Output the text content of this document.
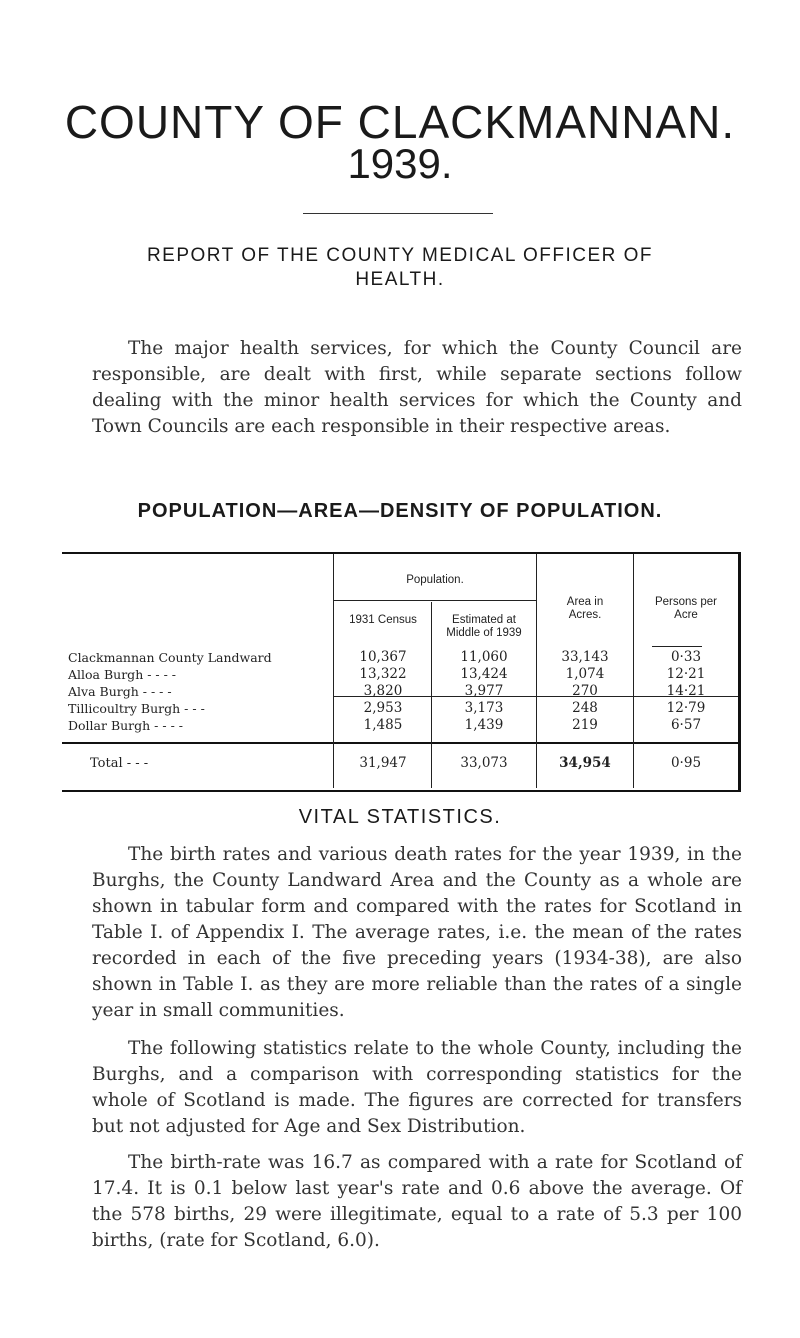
COUNTY OF CLACKMANNAN.
1939.
REPORT OF THE COUNTY MEDICAL OFFICER OF
HEALTH.

The major health services, for which the County Council are responsible, are dealt with first, while separate sections follow dealing with the minor health services for which the County and Town Councils are each responsible in their respective areas.

POPULATION—AREA—DENSITY OF POPULATION.
Population.
1931 Census	Estimated at
Middle of 1939
Area in
Acres.
Persons per
Acre
Clackmannan County Landward	10,367	11,060	33,143	0·33
Alloa Burgh - - - -	13,322	13,424	1,074	12·21
Alva Burgh - - - -	3,820	3,977	270	14·21
Tillicoultry Burgh - - -	2,953	3,173	248	12·79
Dollar Burgh - - - -	1,485	1,439	219	6·57
Total - - -	31,947	33,073	34,954	0·95
VITAL STATISTICS.

The birth rates and various death rates for the year 1939, in the Burghs, the County Landward Area and the County as a whole are shown in tabular form and compared with the rates for Scotland in Table I. of Appendix I. The average rates, i.e. the mean of the rates recorded in each of the five preceding years (1934-38), are also shown in Table I. as they are more reliable than the rates of a single year in small communities.

The following statistics relate to the whole County, including the Burghs, and a comparison with corresponding statistics for the whole of Scotland is made. The figures are corrected for transfers but not adjusted for Age and Sex Distribution.

The birth-rate was 16.7 as compared with a rate for Scotland of 17.4. It is 0.1 below last year's rate and 0.6 above the average. Of the 578 births, 29 were illegitimate, equal to a rate of 5.3 per 100 births, (rate for Scotland, 6.0).
